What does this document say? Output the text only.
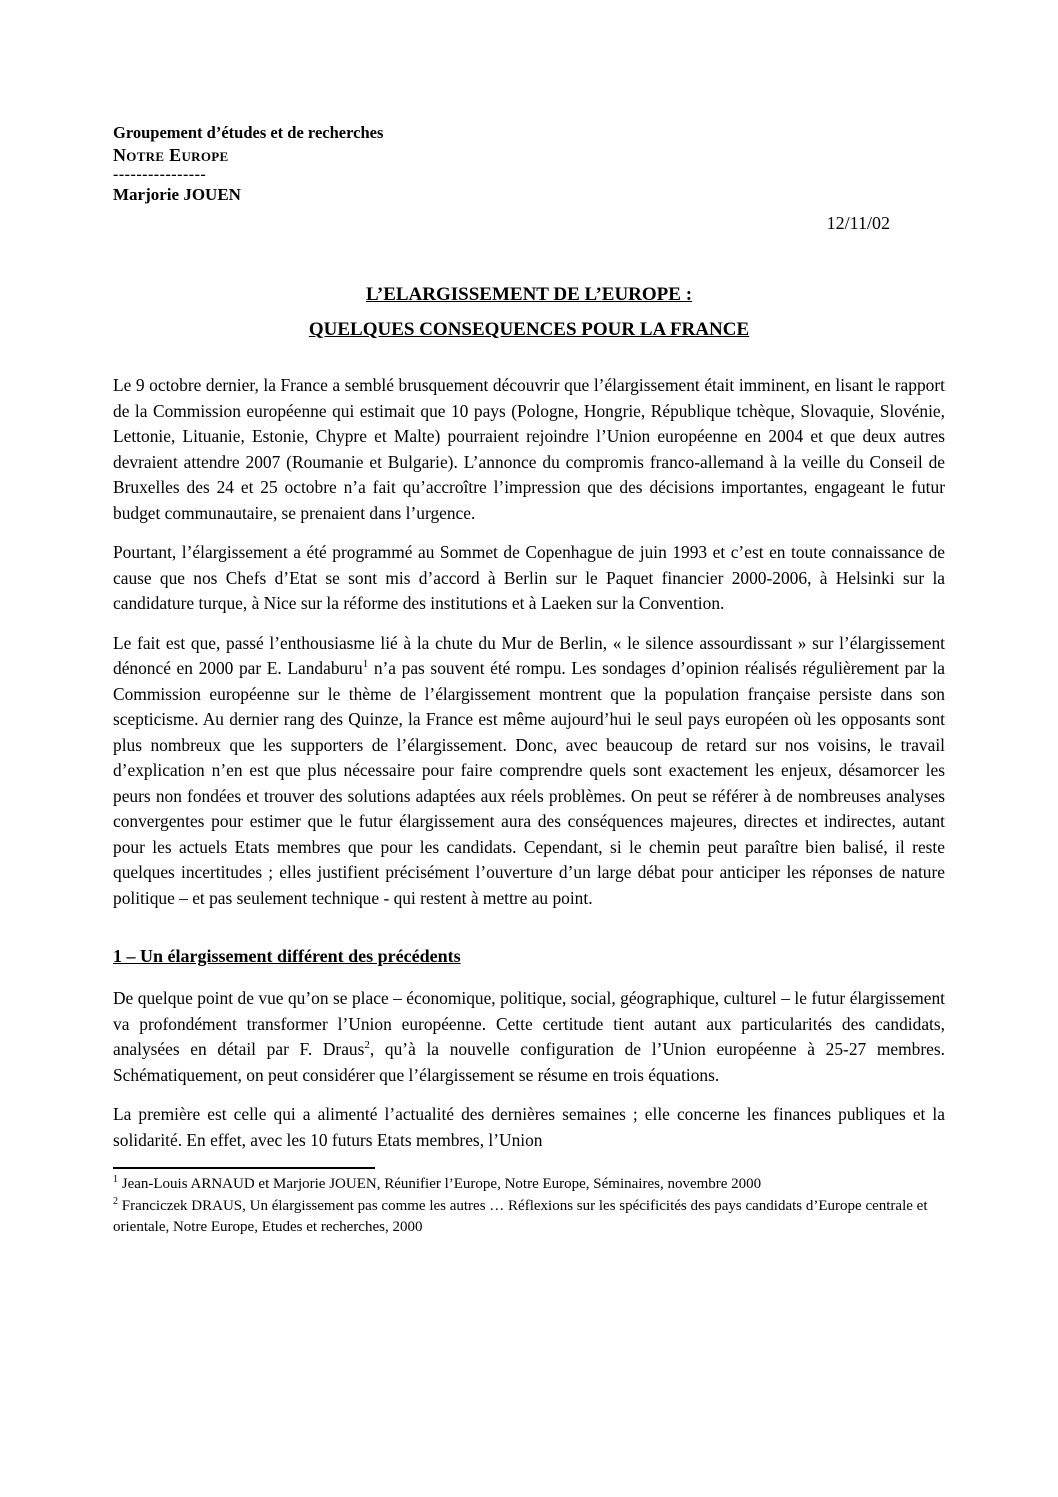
Groupement d’études et de recherches
Notre Europe
----------------
Marjorie JOUEN
12/11/02
L’ELARGISSEMENT DE L’EUROPE :
QUELQUES CONSEQUENCES POUR LA FRANCE

Le 9 octobre dernier, la France a semblé brusquement découvrir que l’élargissement était imminent, en lisant le rapport de la Commission européenne qui estimait que 10 pays (Pologne, Hongrie, République tchèque, Slovaquie, Slovénie, Lettonie, Lituanie, Estonie, Chypre et Malte) pourraient rejoindre l’Union européenne en 2004 et que deux autres devraient attendre 2007 (Roumanie et Bulgarie). L’annonce du compromis franco-allemand à la veille du Conseil de Bruxelles des 24 et 25 octobre n’a fait qu’accroître l’impression que des décisions importantes, engageant le futur budget communautaire, se prenaient dans l’urgence.

Pourtant, l’élargissement a été programmé au Sommet de Copenhague de juin 1993 et c’est en toute connaissance de cause que nos Chefs d’Etat se sont mis d’accord à Berlin sur le Paquet financier 2000-2006, à Helsinki sur la candidature turque, à Nice sur la réforme des institutions et à Laeken sur la Convention.

Le fait est que, passé l’enthousiasme lié à la chute du Mur de Berlin, « le silence assourdissant » sur l’élargissement dénoncé en 2000 par E. Landaburu$^1$ n’a pas souvent été rompu. Les sondages d’opinion réalisés régulièrement par la Commission européenne sur le thème de l’élargissement montrent que la population française persiste dans son scepticisme. Au dernier rang des Quinze, la France est même aujourd’hui le seul pays européen où les opposants sont plus nombreux que les supporters de l’élargissement. Donc, avec beaucoup de retard sur nos voisins, le travail d’explication n’en est que plus nécessaire pour faire comprendre quels sont exactement les enjeux, désamorcer les peurs non fondées et trouver des solutions adaptées aux réels problèmes. On peut se référer à de nombreuses analyses convergentes pour estimer que le futur élargissement aura des conséquences majeures, directes et indirectes, autant pour les actuels Etats membres que pour les candidats. Cependant, si le chemin peut paraître bien balisé, il reste quelques incertitudes ; elles justifient précisément l’ouverture d’un large débat pour anticiper les réponses de nature politique – et pas seulement technique - qui restent à mettre au point.

1 – Un élargissement différent des précédents

De quelque point de vue qu’on se place – économique, politique, social, géographique, culturel – le futur élargissement va profondément transformer l’Union européenne. Cette certitude tient autant aux particularités des candidats, analysées en détail par F. Draus$^2$, qu’à la nouvelle configuration de l’Union européenne à 25-27 membres. Schématiquement, on peut considérer que l’élargissement se résume en trois équations.

La première est celle qui a alimenté l’actualité des dernières semaines ; elle concerne les finances publiques et la solidarité. En effet, avec les 10 futurs Etats membres, l’Union

$^1$ Jean-Louis ARNAUD et Marjorie JOUEN, Réunifier l’Europe, Notre Europe, Séminaires, novembre 2000
$^2$ Franciczek DRAUS, Un élargissement pas comme les autres … Réflexions sur les spécificités des pays candidats d’Europe centrale et orientale, Notre Europe, Etudes et recherches, 2000
